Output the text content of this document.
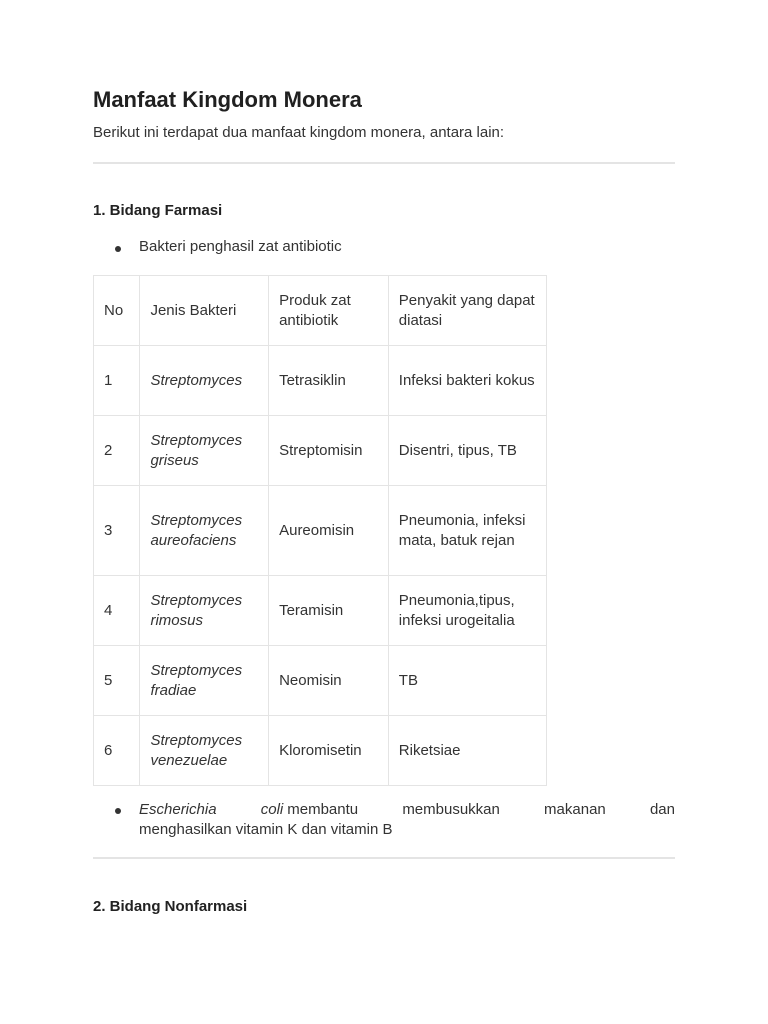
Manfaat Kingdom Monera
Berikut ini terdapat dua manfaat kingdom monera, antara lain:
1. Bidang Farmasi
Bakteri penghasil zat antibiotic
No	Jenis Bakteri	Produk zat antibiotik	Penyakit yang dapat diatasi
1	Streptomyces	Tetrasiklin	Infeksi bakteri kokus
2	Streptomyces griseus	Streptomisin	Disentri, tipus, TB
3	Streptomyces aureofaciens	Aureomisin	Pneumonia, infeksi mata, batuk rejan
4	Streptomyces rimosus	Teramisin	Pneumonia,tipus, infeksi urogeitalia
5	Streptomyces fradiae	Neomisin	TB
6	Streptomyces venezuelae	Kloromisetin	Riketsiae
Escherichia	coli membantu	membusukkan	makanan	dan
menghasilkan vitamin K dan vitamin B
2. Bidang Nonfarmasi
